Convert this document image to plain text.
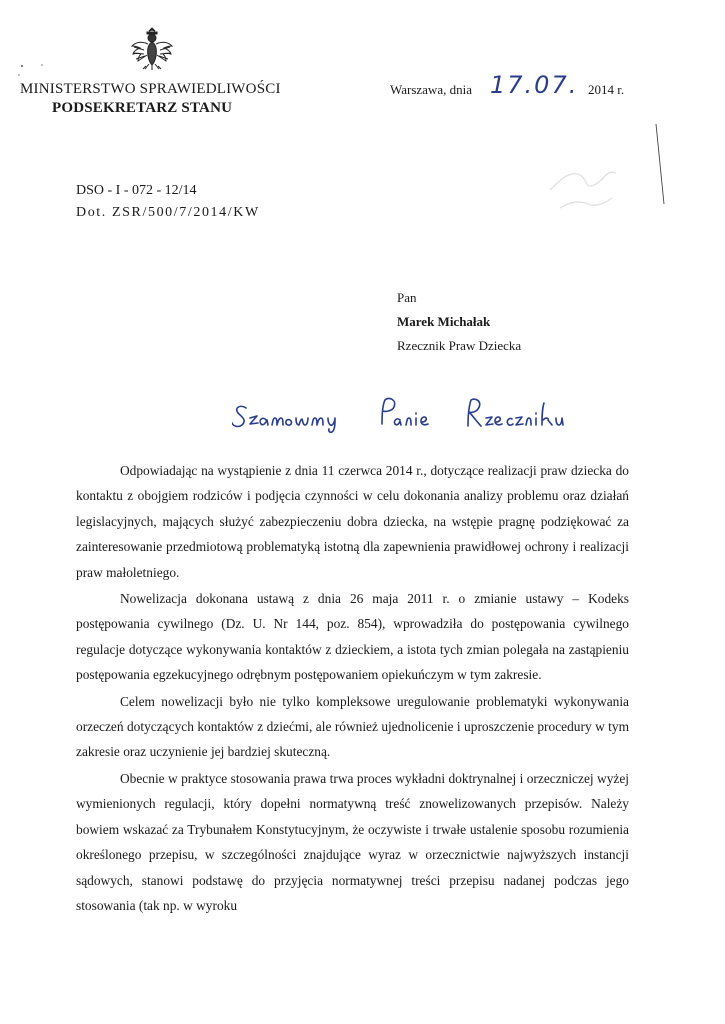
MINISTERSTWO SPRAWIEDLIWOŚCI
PODSEKRETARZ STANU
Warszawa, dnia 17.07. 2014 r.
DSO - I - 072 - 12/14
Dot. ZSR/500/7/2014/KW
Pan
Marek Michałak
Rzecznik Praw Dziecka

Odpowiadając na wystąpienie z dnia 11 czerwca 2014 r., dotyczące realizacji praw dziecka do kontaktu z obojgiem rodziców i podjęcia czynności w celu dokonania analizy problemu oraz działań legislacyjnych, mających służyć zabezpieczeniu dobra dziecka, na wstępie pragnę podziękować za zainteresowanie przedmiotową problematyką istotną dla zapewnienia prawidłowej ochrony i realizacji praw małoletniego.

Nowelizacja dokonana ustawą z dnia 26 maja 2011 r. o zmianie ustawy – Kodeks postępowania cywilnego (Dz. U. Nr 144, poz. 854), wprowadziła do postępowania cywilnego regulacje dotyczące wykonywania kontaktów z dzieckiem, a istota tych zmian polegała na zastąpieniu postępowania egzekucyjnego odrębnym postępowaniem opiekuńczym w tym zakresie.

Celem nowelizacji było nie tylko kompleksowe uregulowanie problematyki wykonywania orzeczeń dotyczących kontaktów z dziećmi, ale również ujednolicenie i uproszczenie procedury w tym zakresie oraz uczynienie jej bardziej skuteczną.

Obecnie w praktyce stosowania prawa trwa proces wykładni doktrynalnej i orzeczniczej wyżej wymienionych regulacji, który dopełni normatywną treść znowelizowanych przepisów. Należy bowiem wskazać za Trybunałem Konstytucyjnym, że oczywiste i trwałe ustalenie sposobu rozumienia określonego przepisu, w szczególności znajdujące wyraz w orzecznictwie najwyższych instancji sądowych, stanowi podstawę do przyjęcia normatywnej treści przepisu nadanej podczas jego stosowania (tak np. w wyroku
